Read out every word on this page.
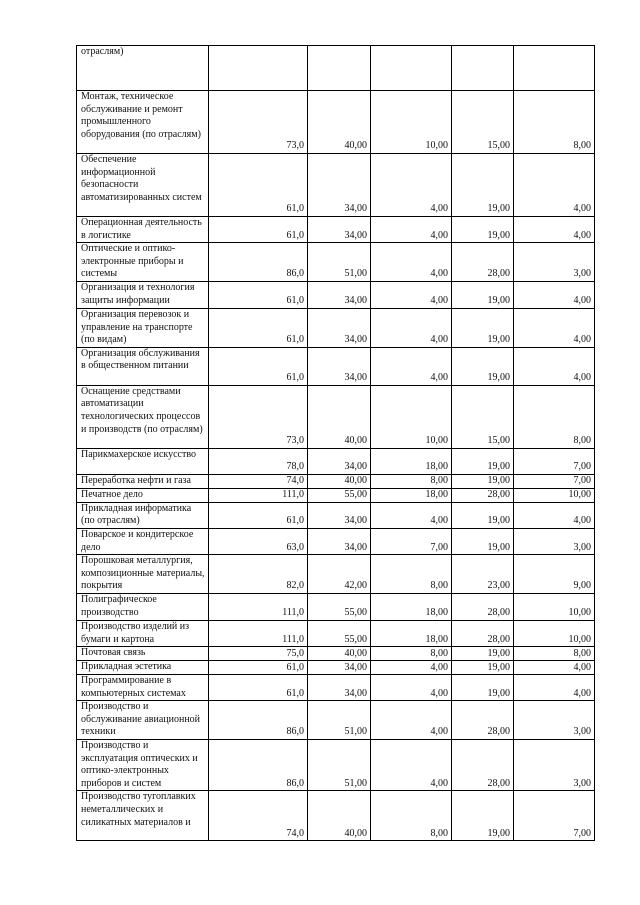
отраслям)					
Монтаж, техническое обслуживание и ремонт промышленного оборудования (по отраслям)	73,0	40,00	10,00	15,00	8,00
Обеспечение информационной безопасности автоматизированных систем	61,0	34,00	4,00	19,00	4,00
Операционная деятельность в логистике	61,0	34,00	4,00	19,00	4,00
Оптические и оптико-электронные приборы и системы	86,0	51,00	4,00	28,00	3,00
Организация и технология защиты информации	61,0	34,00	4,00	19,00	4,00
Организация перевозок и управление на транспорте (по видам)	61,0	34,00	4,00	19,00	4,00
Организация обслуживания в общественном питании	61,0	34,00	4,00	19,00	4,00
Оснащение средствами автоматизации технологических процессов и производств (по отраслям)	73,0	40,00	10,00	15,00	8,00
Парикмахерское искусство	78,0	34,00	18,00	19,00	7,00
Переработка нефти и газа	74,0	40,00	8,00	19,00	7,00
Печатное дело	111,0	55,00	18,00	28,00	10,00
Прикладная информатика (по отраслям)	61,0	34,00	4,00	19,00	4,00
Поварское и кондитерское дело	63,0	34,00	7,00	19,00	3,00
Порошковая металлургия, композиционные материалы, покрытия	82,0	42,00	8,00	23,00	9,00
Полиграфическое производство	111,0	55,00	18,00	28,00	10,00
Производство изделий из бумаги и картона	111,0	55,00	18,00	28,00	10,00
Почтовая связь	75,0	40,00	8,00	19,00	8,00
Прикладная эстетика	61,0	34,00	4,00	19,00	4,00
Программирование в компьютерных системах	61,0	34,00	4,00	19,00	4,00
Производство и обслуживание авиационной техники	86,0	51,00	4,00	28,00	3,00
Производство и эксплуатация оптических и оптико-электронных приборов и систем	86,0	51,00	4,00	28,00	3,00
Производство тугоплавких неметаллических и силикатных материалов и	74,0	40,00	8,00	19,00	7,00
